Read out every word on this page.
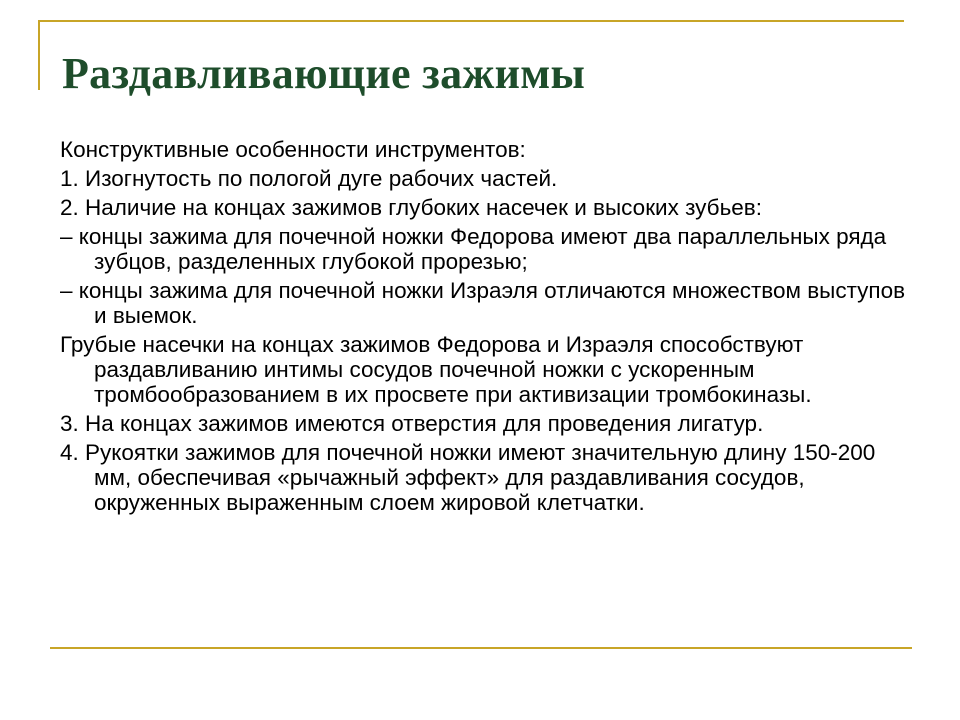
Раздавливающие зажимы
Конструктивные особенности инструментов:
1. Изогнутость по пологой дуге рабочих частей.
2. Наличие на концах зажимов глубоких насечек и высоких зубьев:
– концы зажима для почечной ножки Федорова имеют два параллельных ряда зубцов, разделенных глубокой прорезью;
– концы зажима для почечной ножки Израэля отличаются множеством выступов и выемок.
Грубые насечки на концах зажимов Федорова и Израэля способствуют раздавливанию интимы сосудов почечной ножки с ускоренным тромбообразованием в их просвете при активизации тромбокиназы.
3. На концах зажимов имеются отверстия для проведения лигатур.
4. Рукоятки зажимов для почечной ножки имеют значительную длину 150-200 мм, обеспечивая «рычажный эффект» для раздавливания сосудов, окруженных выраженным слоем жировой клетчатки.
